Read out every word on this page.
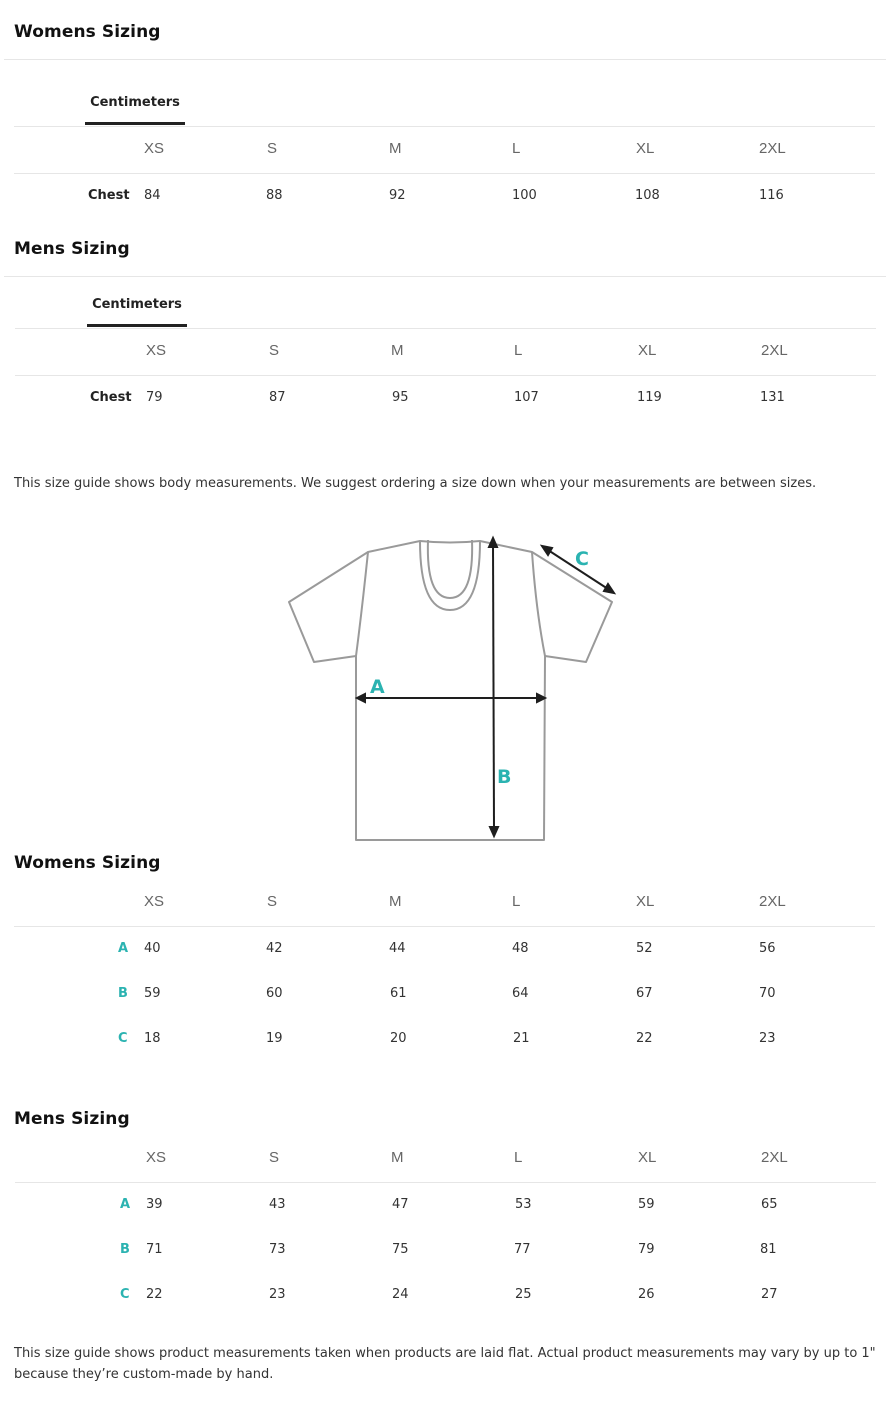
Womens Sizing
Centimeters
XS	S	M	L	XL	2XL
Chest 84	88	92	100	108	116
Mens Sizing
Centimeters
XS	S	M	L	XL	2XL
Chest 79	87	95	107	119	131
This size guide shows body measurements. We suggest ordering a size down when your measurements are between sizes.
A
B
C
Womens Sizing
XS	S	M	L	XL	2XL
A 40	42	44	48	52	56
B 59	60	61	64	67	70
C 18	19	20	21	22	23
Mens Sizing
XS	S	M	L	XL	2XL
A 39	43	47	53	59	65
B 71	73	75	77	79	81
C 22	23	24	25	26	27
This size guide shows product measurements taken when products are laid flat. Actual product measurements may vary by up to 1" because they’re custom-made by hand.
